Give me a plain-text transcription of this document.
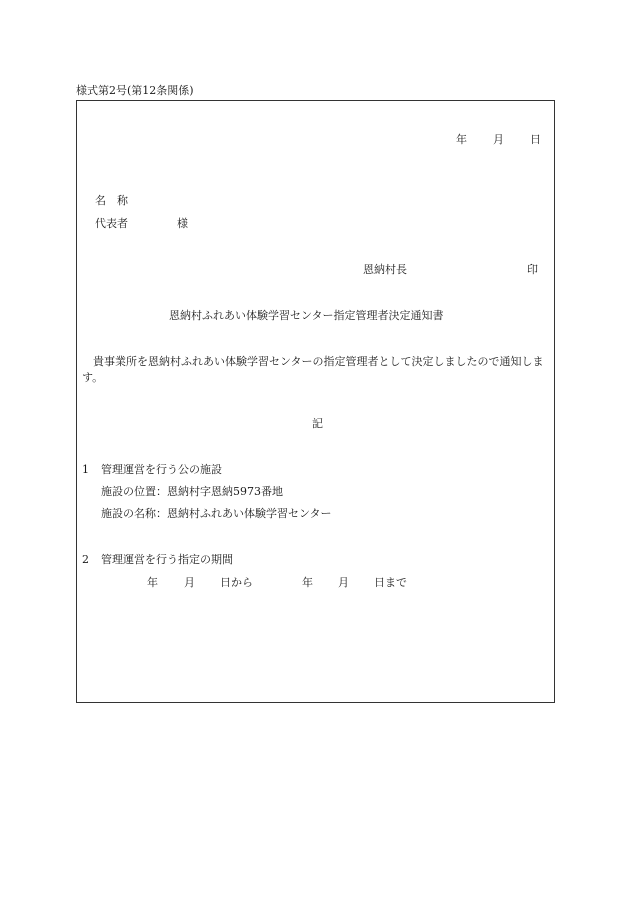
様式第2号(第12条関係)
年 月 日
名　称
代表者	様
恩納村長	印
恩納村ふれあい体験学習センター指定管理者決定通知書
貴事業所を恩納村ふれあい体験学習センターの指定管理者として決定しましたので通知します。
記
1 管理運営を行う公の施設
施設の位置：恩納村字恩納5973番地
施設の名称：恩納村ふれあい体験学習センター
2 管理運営を行う指定の期間
年 月 日から	年 月 日まで
